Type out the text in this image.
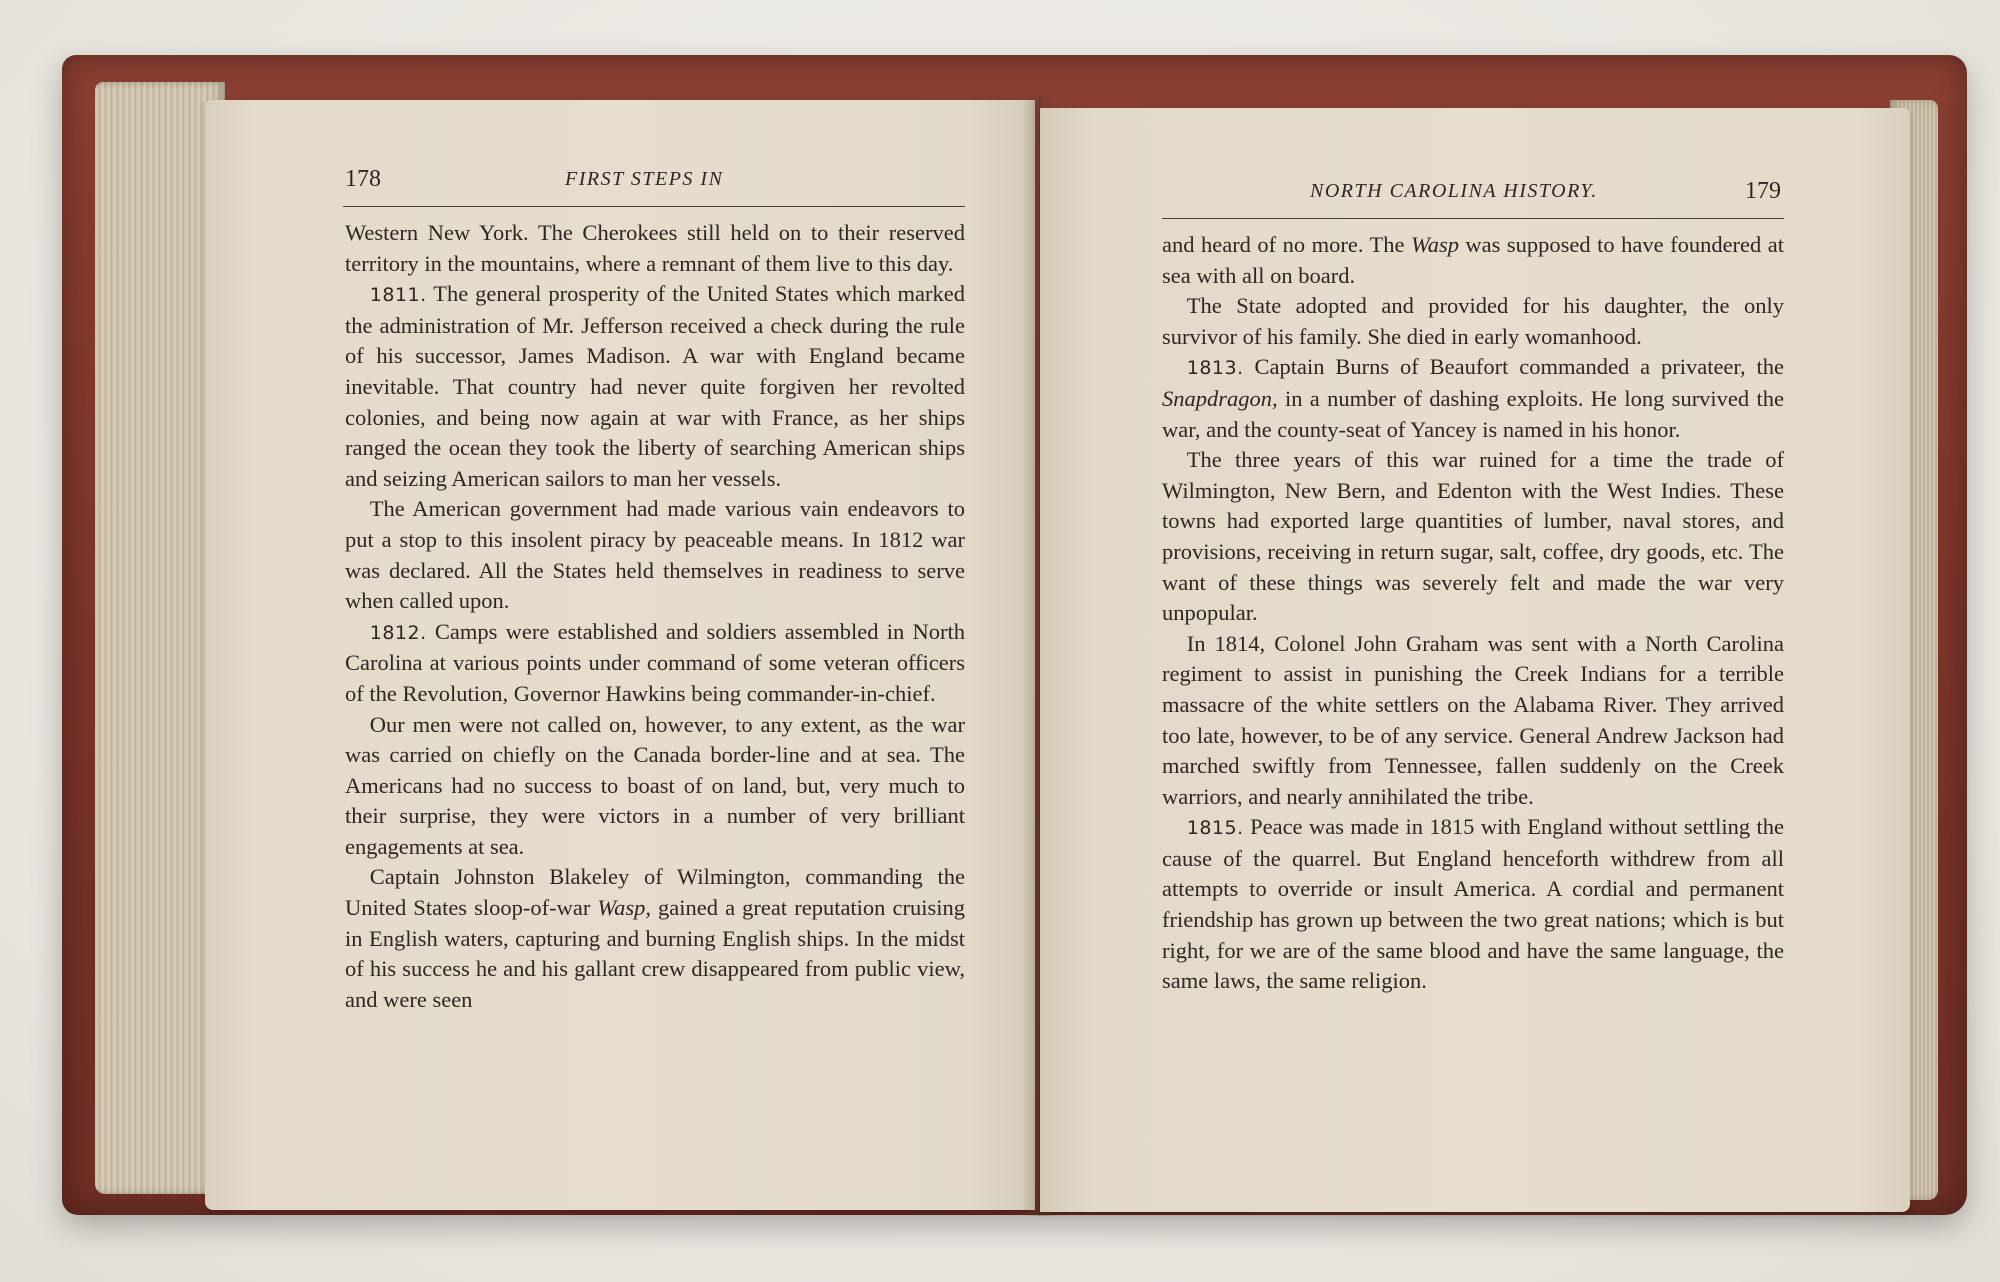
178	FIRST STEPS IN

Western New York. The Cherokees still held on to their reserved territory in the mountains, where a remnant of them live to this day.

1811. The general prosperity of the United States which marked the administration of Mr. Jefferson received a check during the rule of his successor, James Madison. A war with England became inevitable. That country had never quite forgiven her revolted colonies, and being now again at war with France, as her ships ranged the ocean they took the liberty of searching American ships and seizing American sailors to man her vessels.

The American government had made various vain endeavors to put a stop to this insolent piracy by peaceable means. In 1812 war was declared. All the States held themselves in readiness to serve when called upon.

1812. Camps were established and soldiers assembled in North Carolina at various points under command of some veteran officers of the Revolution, Governor Hawkins being commander-in-chief.

Our men were not called on, however, to any extent, as the war was carried on chiefly on the Canada border-line and at sea. The Americans had no success to boast of on land, but, very much to their surprise, they were victors in a number of very brilliant engagements at sea.

Captain Johnston Blakeley of Wilmington, commanding the United States sloop-of-war Wasp, gained a great reputation cruising in English waters, capturing and burning English ships. In the midst of his success he and his gallant crew disappeared from public view, and were seen

NORTH CAROLINA HISTORY.	179

and heard of no more. The Wasp was supposed to have foundered at sea with all on board.

The State adopted and provided for his daughter, the only survivor of his family. She died in early womanhood.

1813. Captain Burns of Beaufort commanded a privateer, the Snapdragon, in a number of dashing exploits. He long survived the war, and the county-seat of Yancey is named in his honor.

The three years of this war ruined for a time the trade of Wilmington, New Bern, and Edenton with the West Indies. These towns had exported large quantities of lumber, naval stores, and provisions, receiving in return sugar, salt, coffee, dry goods, etc. The want of these things was severely felt and made the war very unpopular.

In 1814, Colonel John Graham was sent with a North Carolina regiment to assist in punishing the Creek Indians for a terrible massacre of the white settlers on the Alabama River. They arrived too late, however, to be of any service. General Andrew Jackson had marched swiftly from Tennessee, fallen suddenly on the Creek warriors, and nearly annihilated the tribe.

1815. Peace was made in 1815 with England without settling the cause of the quarrel. But England henceforth withdrew from all attempts to override or insult America. A cordial and permanent friendship has grown up between the two great nations; which is but right, for we are of the same blood and have the same language, the same laws, the same religion.
